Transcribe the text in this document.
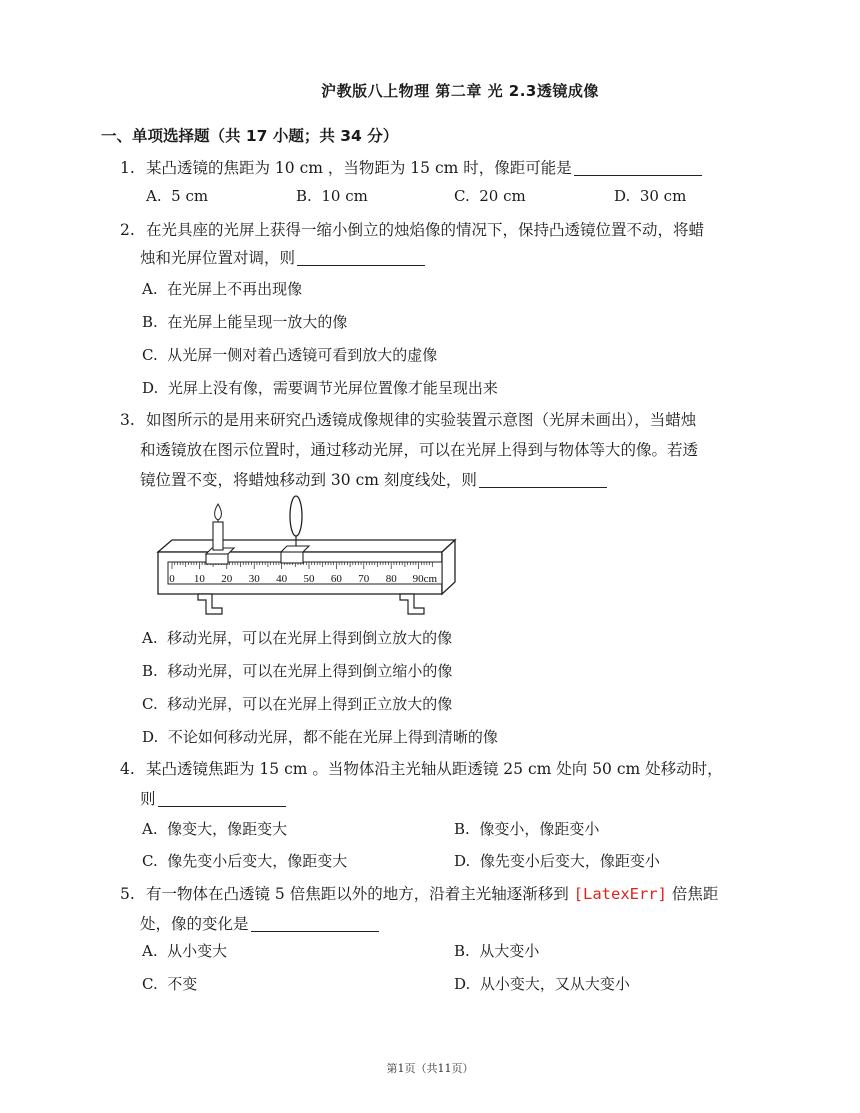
沪教版八上物理 第二章 光 2.3透镜成像
一、单项选择题（共 17 小题；共 34 分）
1. 某凸透镜的焦距为 10 cm ，当物距为 15 cm 时，像距可能是
A. 5 cm	B. 10 cm	C. 20 cm	D. 30 cm
2. 在光具座的光屏上获得一缩小倒立的烛焰像的情况下，保持凸透镜位置不动，将蜡
烛和光屏位置对调，则
A. 在光屏上不再出现像
B. 在光屏上能呈现一放大的像
C. 从光屏一侧对着凸透镜可看到放大的虚像
D. 光屏上没有像，需要调节光屏位置像才能呈现出来
3. 如图所示的是用来研究凸透镜成像规律的实验装置示意图（光屏未画出），当蜡烛
和透镜放在图示位置时，通过移动光屏，可以在光屏上得到与物体等大的像。若透
镜位置不变，将蜡烛移动到 30 cm 刻度线处，则
0 10 20 30 40 50 60 70 80 90cm
A. 移动光屏，可以在光屏上得到倒立放大的像
B. 移动光屏，可以在光屏上得到倒立缩小的像
C. 移动光屏，可以在光屏上得到正立放大的像
D. 不论如何移动光屏，都不能在光屏上得到清晰的像
4. 某凸透镜焦距为 15 cm 。当物体沿主光轴从距透镜 25 cm 处向 50 cm 处移动时，
则
A. 像变大，像距变大	B. 像变小，像距变小
C. 像先变小后变大，像距变大	D. 像先变小后变大，像距变小
5. 有一物体在凸透镜 5 倍焦距以外的地方，沿着主光轴逐渐移到 [LatexErr] 倍焦距
处，像的变化是
A. 从小变大	B. 从大变小
C. 不变	D. 从小变大，又从大变小
第1页（共11页）
